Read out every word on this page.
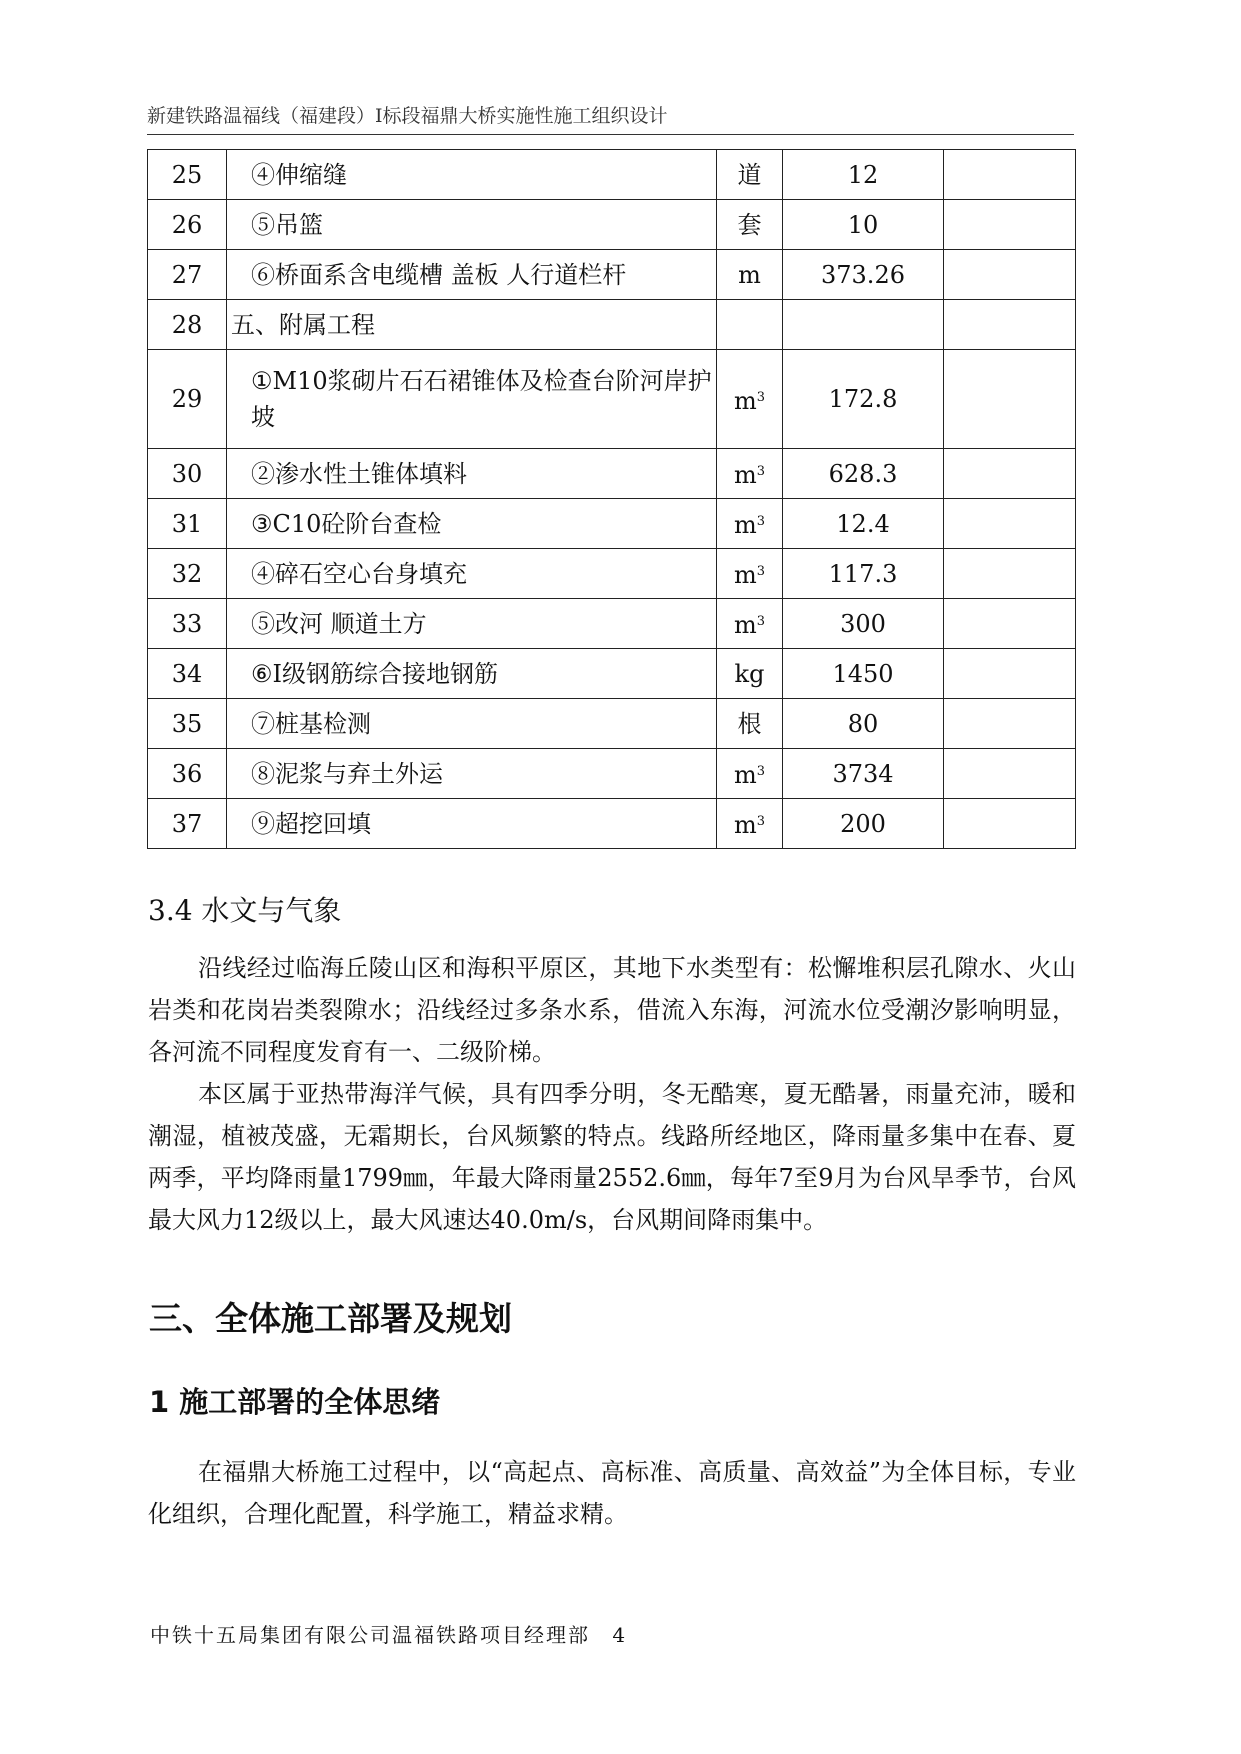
新建铁路温福线（福建段）Ⅰ标段福鼎大桥实施性施工组织设计
25	④伸缩缝	道	12	
26	⑤吊篮	套	10	
27	⑥桥面系含电缆槽 盖板 人行道栏杆	m	373.26	
28	五、附属工程			
29	①M10浆砌片石石裙锥体及检查台阶河岸护坡	$m^3$	172.8	
30	②渗水性土锥体填料	$m^3$	628.3	
31	③C10砼阶台查检	$m^3$	12.4	
32	④碎石空心台身填充	$m^3$	117.3	
33	⑤改河 顺道土方	$m^3$	300	
34	⑥Ⅰ级钢筋综合接地钢筋	kg	1450	
35	⑦桩基检测	根	80	
36	⑧泥浆与弃土外运	$m^3$	3734	
37	⑨超挖回填	$m^3$	200	
3.4 水文与气象
沿线经过临海丘陵山区和海积平原区，其地下水类型有：松懈堆积层孔隙水、火山岩类和花岗岩类裂隙水；沿线经过多条水系，借流入东海，河流水位受潮汐影响明显，各河流不同程度发育有一、二级阶梯。
本区属于亚热带海洋气候，具有四季分明，冬无酷寒，夏无酷暑，雨量充沛，暖和潮湿，植被茂盛，无霜期长，台风频繁的特点。线路所经地区，降雨量多集中在春、夏两季，平均降雨量1799㎜，年最大降雨量2552.6㎜，每年7至9月为台风旱季节，台风最大风力12级以上，最大风速达40.0m/s，台风期间降雨集中。
三、全体施工部署及规划
1 施工部署的全体思绪
在福鼎大桥施工过程中，以“高起点、高标准、高质量、高效益”为全体目标，专业化组织，合理化配置，科学施工，精益求精。
中铁十五局集团有限公司温福铁路项目经理部 4
